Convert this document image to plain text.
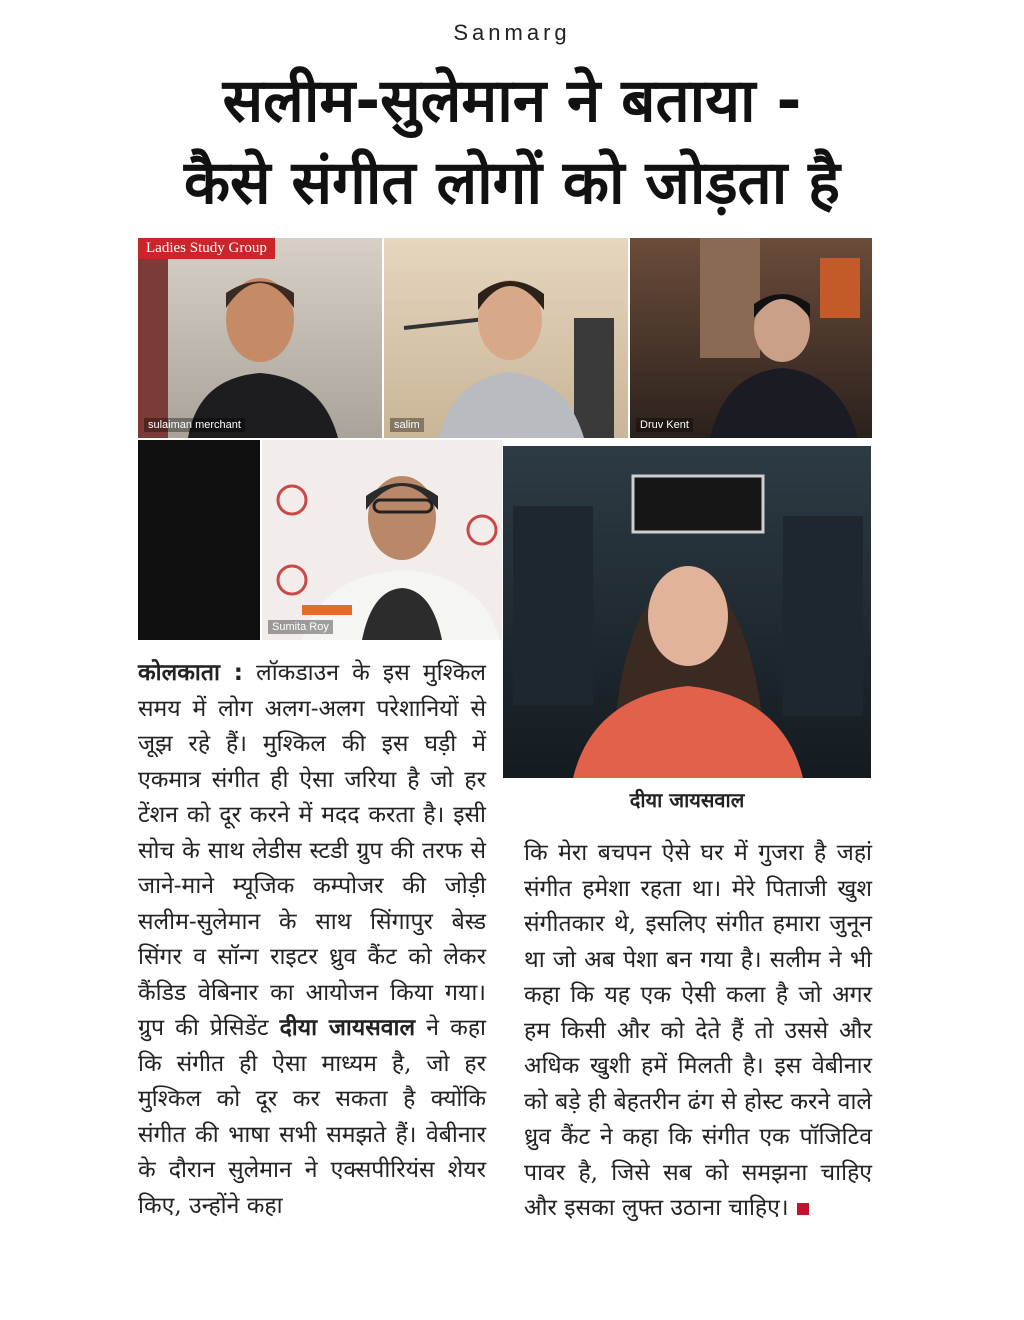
Sanmarg
सलीम-सुलेमान ने बताया -
कैसे संगीत लोगों को जोड़ता है
Ladies Study Group
sulaiman merchant	salim	Druv Kent
Sumita Roy
दीया जायसवाल

कोलकाता : लॉकडाउन के इस मुश्किल समय में लोग अलग-अलग परेशानियों से जूझ रहे हैं। मुश्किल की इस घड़ी में एकमात्र संगीत ही ऐसा जरिया है जो हर टेंशन को दूर करने में मदद करता है। इसी सोच के साथ लेडीस स्टडी ग्रुप की तरफ से जाने-माने म्यूजिक कम्पोजर की जोड़ी सलीम-सुलेमान के साथ सिंगापुर बेस्ड सिंगर व सॉन्ग राइटर ध्रुव कैंट को लेकर कैंडिड वेबिनार का आयोजन किया गया। ग्रुप की प्रेसिडेंट दीया जायसवाल ने कहा कि संगीत ही ऐसा माध्यम है, जो हर मुश्किल को दूर कर सकता है क्योंकि संगीत की भाषा सभी समझते हैं। वेबीनार के दौरान सुलेमान ने एक्सपीरियंस शेयर किए, उन्होंने कहा

कि मेरा बचपन ऐसे घर में गुजरा है जहां संगीत हमेशा रहता था। मेरे पिताजी खुश संगीतकार थे, इसलिए संगीत हमारा जुनून था जो अब पेशा बन गया है। सलीम ने भी कहा कि यह एक ऐसी कला है जो अगर हम किसी और को देते हैं तो उससे और अधिक खुशी हमें मिलती है। इस वेबीनार को बड़े ही बेहतरीन ढंग से होस्ट करने वाले ध्रुव कैंट ने कहा कि संगीत एक पॉजिटिव पावर है, जिसे सब को समझना चाहिए और इसका लुफ्त उठाना चाहिए।
